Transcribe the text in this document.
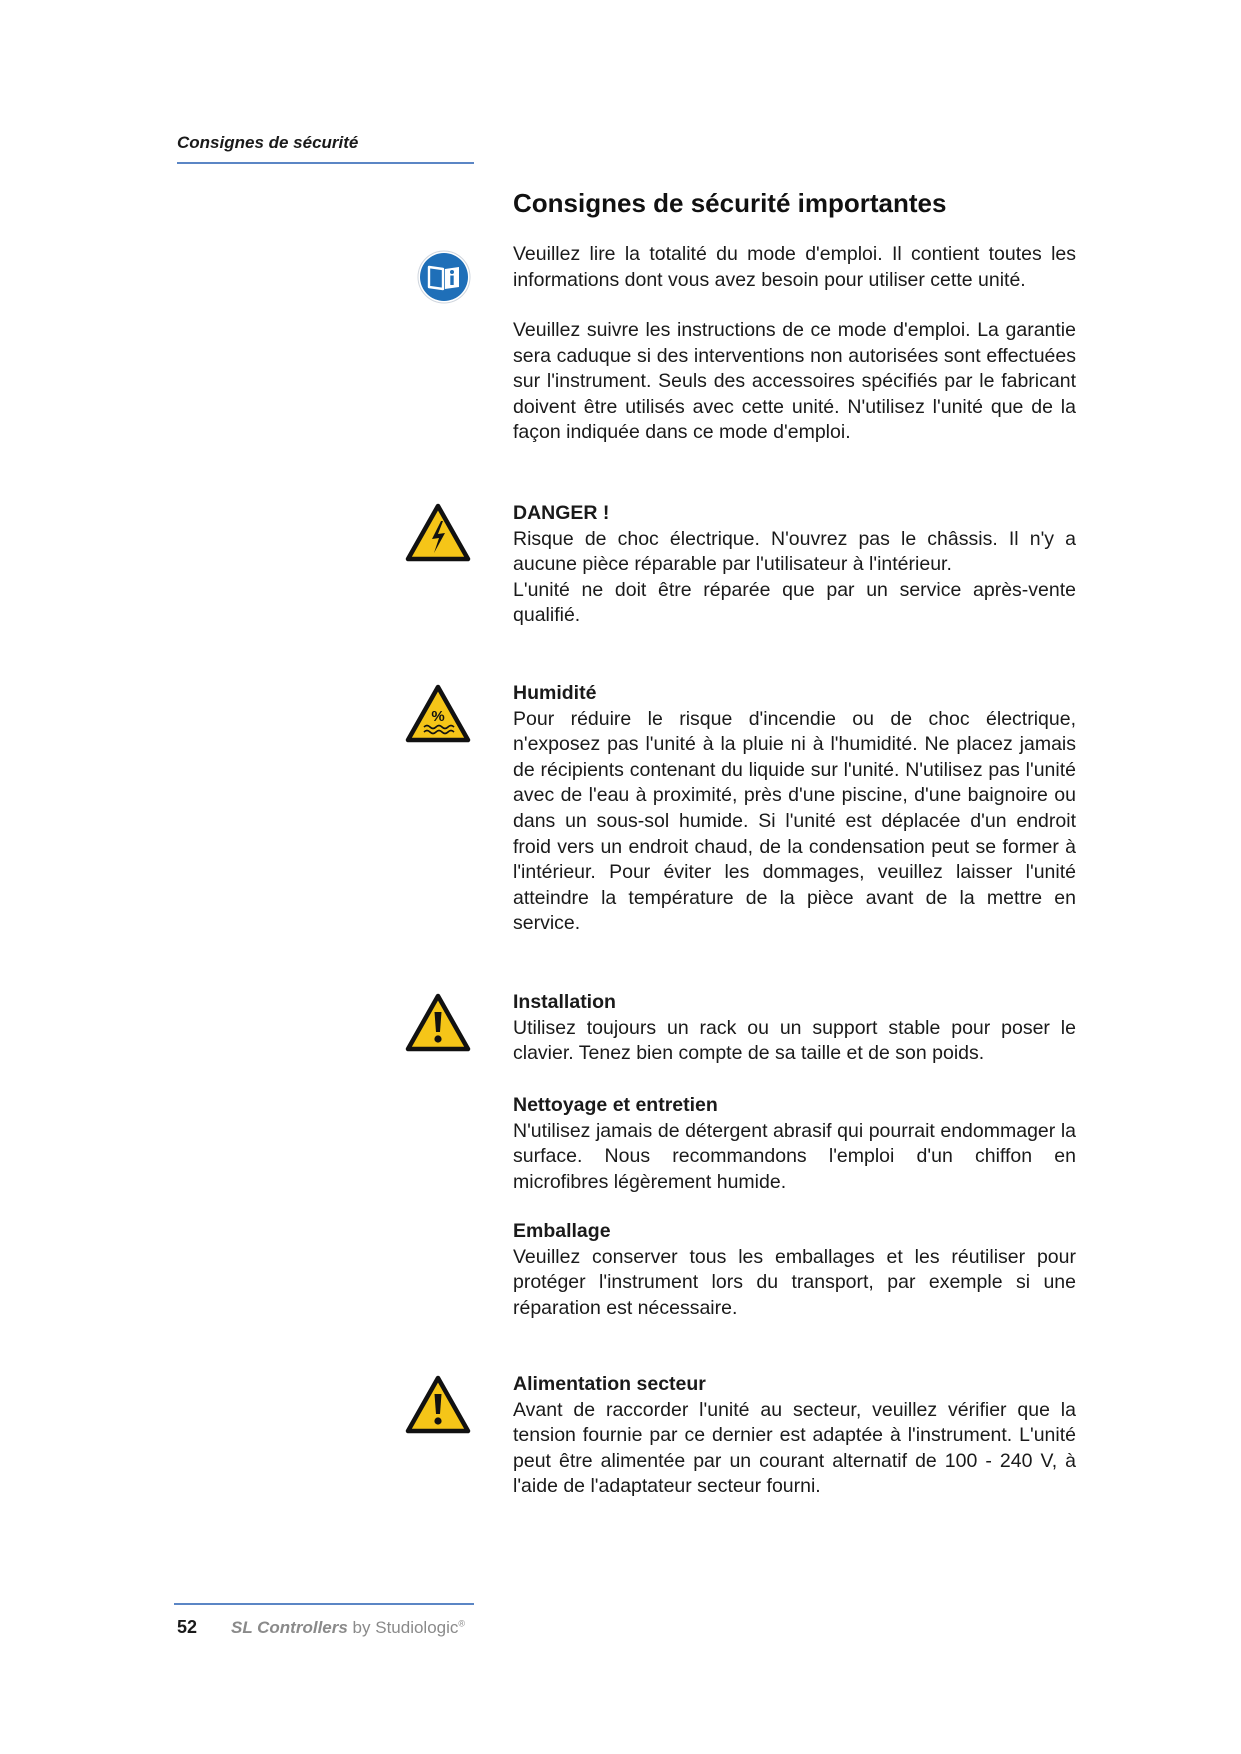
Consignes de sécurité
Consignes de sécurité importantes

Veuillez lire la totalité du mode d'emploi. Il contient toutes les informations dont vous avez besoin pour utiliser cette unité.

Veuillez suivre les instructions de ce mode d'emploi. La garantie sera caduque si des interventions non autorisées sont effectuées sur l'instrument. Seuls des accessoires spécifiés par le fabricant doivent être utilisés avec cette unité. N'utilisez l'unité que de la façon indiquée dans ce mode d'emploi.

DANGER !

Risque de choc électrique. N'ouvrez pas le châssis. Il n'y a aucune pièce réparable par l'utilisateur à l'intérieur.

L'unité ne doit être réparée que par un service après-vente qualifié.

%
Humidité

Pour réduire le risque d'incendie ou de choc électrique, n'exposez pas l'unité à la pluie ni à l'humidité. Ne placez jamais de récipients contenant du liquide sur l'unité. N'utilisez pas l'unité avec de l'eau à proximité, près d'une piscine, d'une baignoire ou dans un sous-sol humide. Si l'unité est déplacée d'un endroit froid vers un endroit chaud, de la condensation peut se former à l'intérieur. Pour éviter les dommages, veuillez laisser l'unité atteindre la température de la pièce avant de la mettre en service.

Installation

Utilisez toujours un rack ou un support stable pour poser le clavier. Tenez bien compte de sa taille et de son poids.

Nettoyage et entretien

N'utilisez jamais de détergent abrasif qui pourrait endommager la surface. Nous recommandons l'emploi d'un chiffon en microfibres légèrement humide.

Emballage

Veuillez conserver tous les emballages et les réutiliser pour protéger l'instrument lors du transport, par exemple si une réparation est nécessaire.

Alimentation secteur

Avant de raccorder l'unité au secteur, veuillez vérifier que la tension fournie par ce dernier est adaptée à l'instrument. L'unité peut être alimentée par un courant alternatif de 100 - 240 V, à l'aide de l'adaptateur secteur fourni.

52 SL Controllers by Studiologic®
